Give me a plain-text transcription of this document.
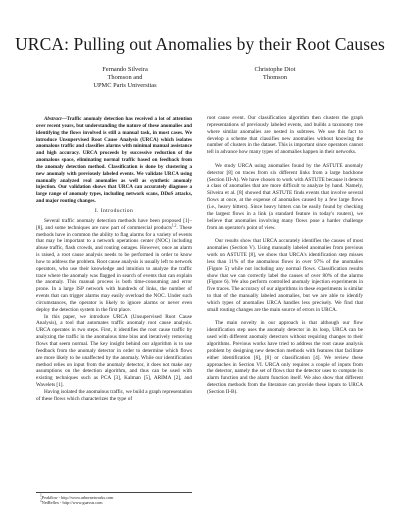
URCA: Pulling out Anomalies by their Root Causes
Fernando Silveira
Thomson and
UPMC Paris Universitas
Christophe Diot
Thomson

Abstract—Traffic anomaly detection has received a lot of attention over recent years, but understanding the nature of these anomalies and identifying the flows involved is still a manual task, in most cases. We introduce Unsupervised Root Cause Analysis (URCA) which isolates anomalous traffic and classifies alarms with minimal manual assistance and high accuracy. URCA proceeds by successive reduction of the anomalous space, eliminating normal traffic based on feedback from the anomaly detection method. Classification is done by clustering a new anomaly with previously labeled events. We validate URCA using manually analyzed real anomalies as well as synthetic anomaly injection. Our validation shows that URCA can accurately diagnose a large range of anomaly types, including network scans, DDoS attacks, and major routing changes.

I. Introduction

Several traffic anomaly detection methods have been proposed [1]–[8], and some techniques are now part of commercial products$^{1,2}$. These methods have in common the ability to flag alarms for a variety of events that may be important to a network operations center (NOC) including abuse traffic, flash crowds, and routing outages. However, once an alarm is raised, a root cause analysis needs to be performed in order to know how to address the problem. Root cause analysis is usually left to network operators, who use their knowledge and intuition to analyze the traffic trace where the anomaly was flagged in search of events that can explain the anomaly. This manual process is both time-consuming and error prone. In a large ISP network with hundreds of links, the number of events that can trigger alarms may easily overload the NOC. Under such circumstances, the operator is likely to ignore alarms or never even deploy the detection system in the first place.

In this paper, we introduce URCA (Unsupervised Root Cause Analysis), a tool that automates traffic anomaly root cause analysis. URCA operates in two steps. First, it identifies the root cause traffic by analyzing the traffic in the anomalous time bins and iteratively removing flows that seem normal. The key insight behind our algorithm is to use feedback from the anomaly detector in order to determine which flows are more likely to be unaffected by the anomaly. While our identification method relies on input from the anomaly detector, it does not make any assumptions on the detection algorithm, and thus can be used with existing techniques such as PCA [3], Kalman [5], ARIMA [2], and Wavelets [1].

Having isolated the anomalous traffic, we build a graph representation of these flows which characterizes the type of

$^1$Peakflow - http://www.arbornetworks.com
$^2$NetReflex - http://www.guavus.com

root cause event. Our classification algorithm then clusters the graph representations of previously labeled events, and builds a taxonomy tree where similar anomalies are nested in subtrees. We use this fact to develop a scheme that classifies new anomalies without knowing the number of clusters in the dataset. This is important since operators cannot tell in advance how many types of anomalies happen in their networks.

We study URCA using anomalies found by the ASTUTE anomaly detector [8] on traces from six different links from a large backbone (Section III-A). We have chosen to work with ASTUTE because it detects a class of anomalies that are more difficult to analyze by hand. Namely, Silveira et al. [8] showed that ASTUTE finds events that involve several flows at once, at the expense of anomalies caused by a few large flows (i.e., heavy hitters). Since heavy hitters can be easily found by checking the largest flows in a link (a standard feature in today's routers), we believe that anomalies involving many flows pose a harder challenge from an operator's point of view.

Our results show that URCA accurately identifies the causes of most anomalies (Section V). Using manually labeled anomalies from previous work on ASTUTE [8], we show that URCA's identification step misses less than 11% of the anomalous flows in over 97% of the anomalies (Figure 5) while not including any normal flows. Classification results show that we can correctly label the causes of over 80% of the alarms (Figure 6). We also perform controlled anomaly injection experiments in five traces. The accuracy of our algorithms in these experiments is similar to that of the manually labeled anomalies, but we are able to identify which types of anomalies URCA handles less precisely. We find that small routing changes are the main source of errors in URCA.

The main novelty in our approach is that although our flow identification step uses the anomaly detector in its loop, URCA can be used with different anomaly detectors without requiring changes to their algorithms. Previous works have tried to address the root cause analysis problem by designing new detection methods with features that facilitate either identification [6], [8] or classification [4]. We review these approaches in Section VI. URCA only requires a couple of inputs from the detector, namely the set of flows that the detector uses to compute its alarm function and the alarm function itself. We also show that different detection methods from the literature can provide these inputs to URCA (Section II-B).
